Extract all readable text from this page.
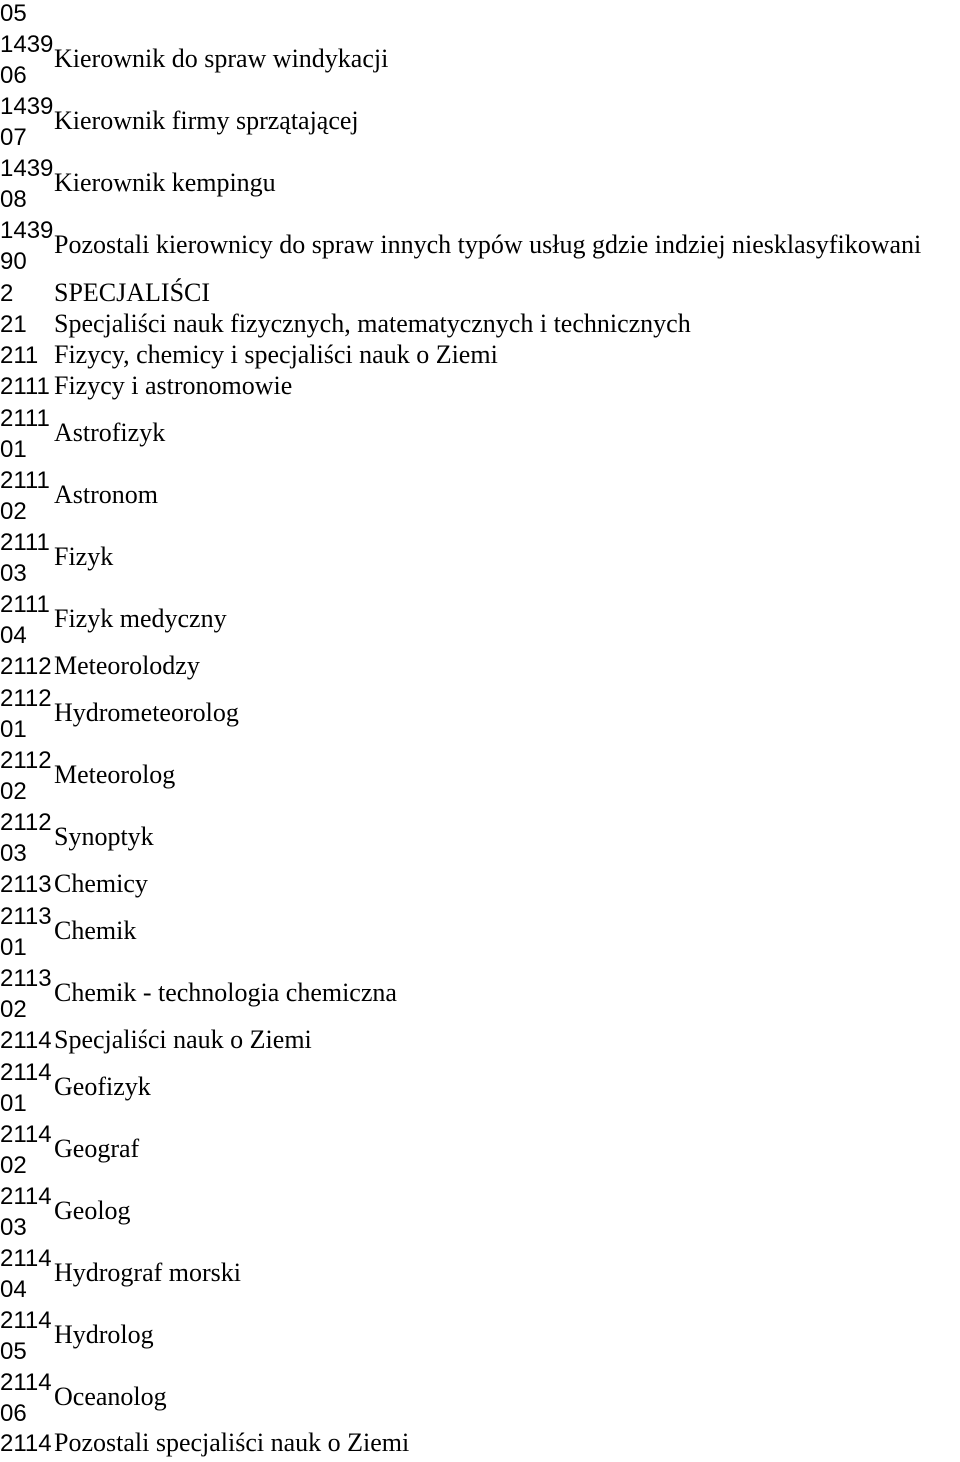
05
1439
06
Kierownik do spraw windykacji
1439
07
Kierownik firmy sprzątającej
1439
08
Kierownik kempingu
1439
90
Pozostali kierownicy do spraw innych typów usług gdzie indziej niesklasyfikowani
2 SPECJALIŚCI
21 Specjaliści nauk fizycznych, matematycznych i technicznych
211 Fizycy, chemicy i specjaliści nauk o Ziemi
2111 Fizycy i astronomowie
2111
01
Astrofizyk
2111
02
Astronom
2111
03
Fizyk
2111
04
Fizyk medyczny
2112 Meteorolodzy
2112
01
Hydrometeorolog
2112
02
Meteorolog
2112
03
Synoptyk
2113 Chemicy
2113
01
Chemik
2113
02
Chemik - technologia chemiczna
2114 Specjaliści nauk o Ziemi
2114
01
Geofizyk
2114
02
Geograf
2114
03
Geolog
2114
04
Hydrograf morski
2114
05
Hydrolog
2114
06
Oceanolog
2114 Pozostali specjaliści nauk o Ziemi
